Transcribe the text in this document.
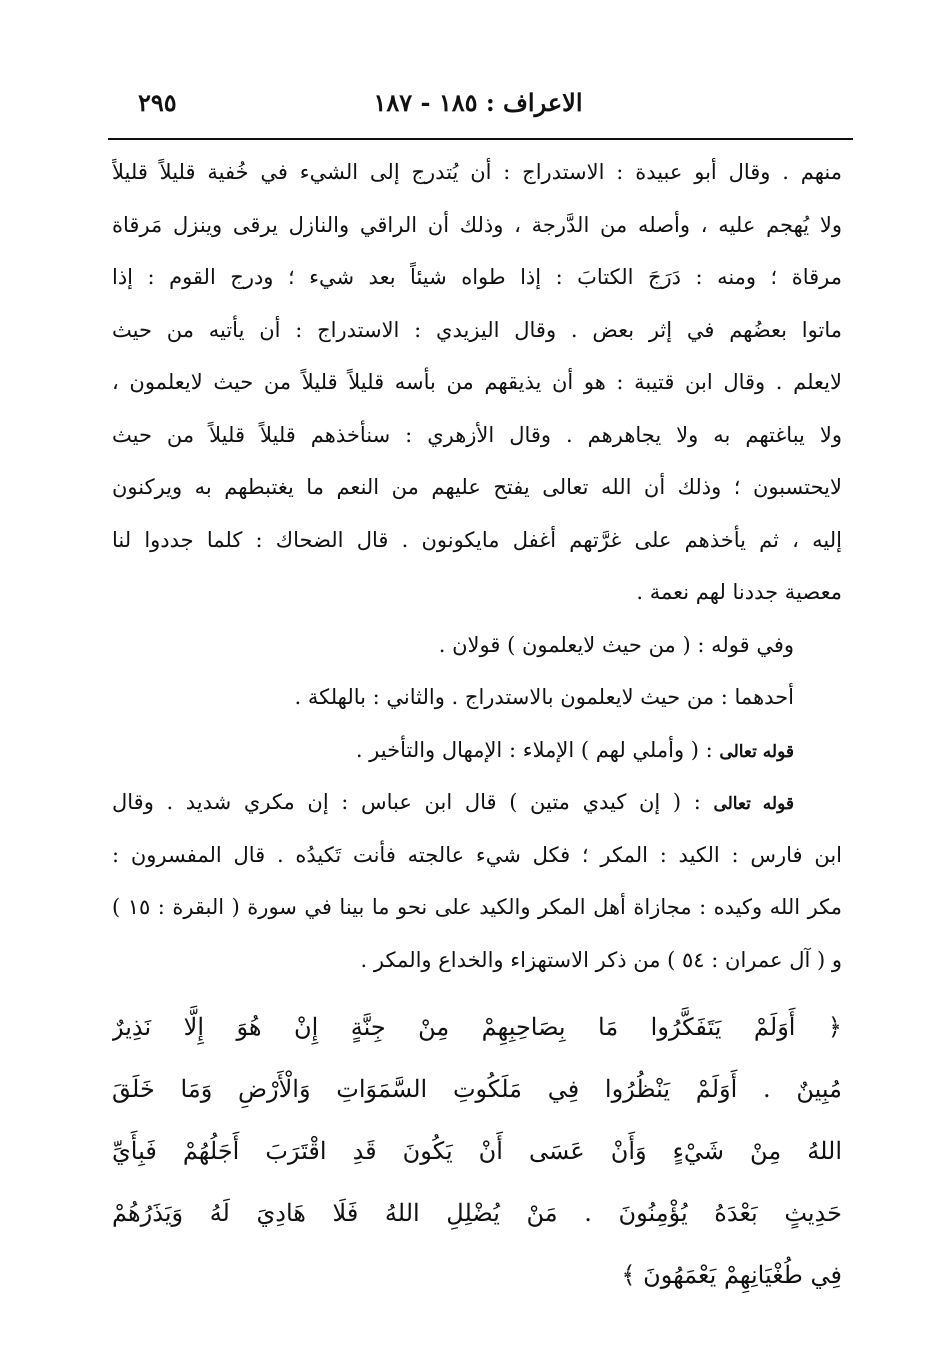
الاعراف : ١٨٥ - ١٨٧
٢٩٥
منهم . وقال أبو عبيدة : الاستدراج : أن يُتدرج إلى الشيء في خُفية قليلاً قليلاً
ولا يُهجم عليه ، وأصله من الدَّرجة ، وذلك أن الراقي والنازل يرقى وينزل مَرقاة
مرقاة ؛ ومنه : دَرَجَ الكتابَ : إذا طواه شيئاً بعد شيء ؛ ودرج القوم : إذا
ماتوا بعضُهم في إثر بعض . وقال اليزيدي : الاستدراج : أن يأتيه من حيث
لايعلم . وقال ابن قتيبة : هو أن يذيقهم من بأسه قليلاً قليلاً من حيث لايعلمون ،
ولا يباغتهم به ولا يجاهرهم . وقال الأزهري : سنأخذهم قليلاً قليلاً من حيث
لايحتسبون ؛ وذلك أن الله تعالى يفتح عليهم من النعم ما يغتبطهم به ويركنون
إليه ، ثم يأخذهم على غرَّتهم أغفل مايكونون . قال الضحاك : كلما جددوا لنا
معصية جددنا لهم نعمة .
وفي قوله : ( من حيث لايعلمون ) قولان .
أحدهما : من حيث لايعلمون بالاستدراج . والثاني : بالهلكة .
قوله تعالى : ( وأملي لهم ) الإملاء : الإمهال والتأخير .
قوله تعالى : ( إن كيدي متين ) قال ابن عباس : إن مكري شديد . وقال
ابن فارس : الكيد : المكر ؛ فكل شيء عالجته فأنت تَكيدُه . قال المفسرون :
مكر الله وكيده : مجازاة أهل المكر والكيد على نحو ما بينا في سورة ( البقرة : ١٥ )
و ( آل عمران : ٥٤ ) من ذكر الاستهزاء والخداع والمكر .
﴿ أَوَلَمْ يَتَفَكَّرُوا مَا بِصَاحِبِهِمْ مِنْ جِنَّةٍ إِنْ هُوَ إِلَّا نَذِيرٌ
مُبِينٌ . أَوَلَمْ يَنْظُرُوا فِي مَلَكُوتِ السَّمَوَاتِ وَالْأَرْضِ وَمَا خَلَقَ
اللهُ مِنْ شَيْءٍ وَأَنْ عَسَى أَنْ يَكُونَ قَدِ اقْتَرَبَ أَجَلُهُمْ فَبِأَيِّ
حَدِيثٍ بَعْدَهُ يُؤْمِنُونَ . مَنْ يُضْلِلِ اللهُ فَلَا هَادِيَ لَهُ وَيَذَرُهُمْ
فِي طُغْيَانِهِمْ يَعْمَهُونَ ﴾
